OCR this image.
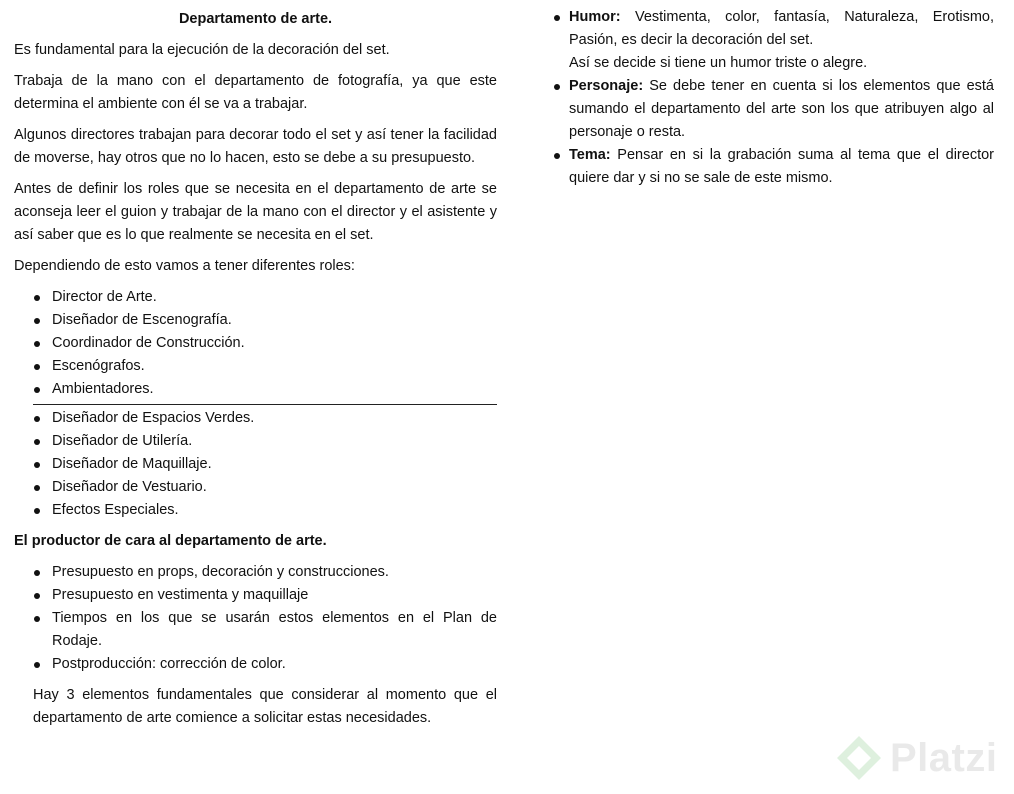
Departamento de arte.

Es fundamental para la ejecución de la decoración del set.

Trabaja de la mano con el departamento de fotografía, ya que este determina el ambiente con él se va a trabajar.

Algunos directores trabajan para decorar todo el set y así tener la facilidad de moverse, hay otros que no lo hacen, esto se debe a su presupuesto.

Antes de definir los roles que se necesita en el departamento de arte se aconseja leer el guion y trabajar de la mano con el director y el asistente y así saber que es lo que realmente se necesita en el set.

Dependiendo de esto vamos a tener diferentes roles:

Director de Arte.
Diseñador de Escenografía.
Coordinador de Construcción.
Escenógrafos.
Ambientadores.
Diseñador de Espacios Verdes.
Diseñador de Utilería.
Diseñador de Maquillaje.
Diseñador de Vestuario.
Efectos Especiales.
El productor de cara al departamento de arte.
Presupuesto en props, decoración y construcciones.
Presupuesto en vestimenta y maquillaje
Tiempos en los que se usarán estos elementos en el Plan de Rodaje.
Postproducción: corrección de color.

Hay 3 elementos fundamentales que considerar al momento que el departamento de arte comience a solicitar estas necesidades.

Humor: Vestimenta, color, fantasía, Naturaleza, Erotismo, Pasión, es decir la decoración del set.
Así se decide si tiene un humor triste o alegre.
Personaje: Se debe tener en cuenta si los elementos que está sumando el departamento del arte son los que atribuyen algo al personaje o resta.
Tema: Pensar en si la grabación suma al tema que el director quiere dar y si no se sale de este mismo.
Platzi
